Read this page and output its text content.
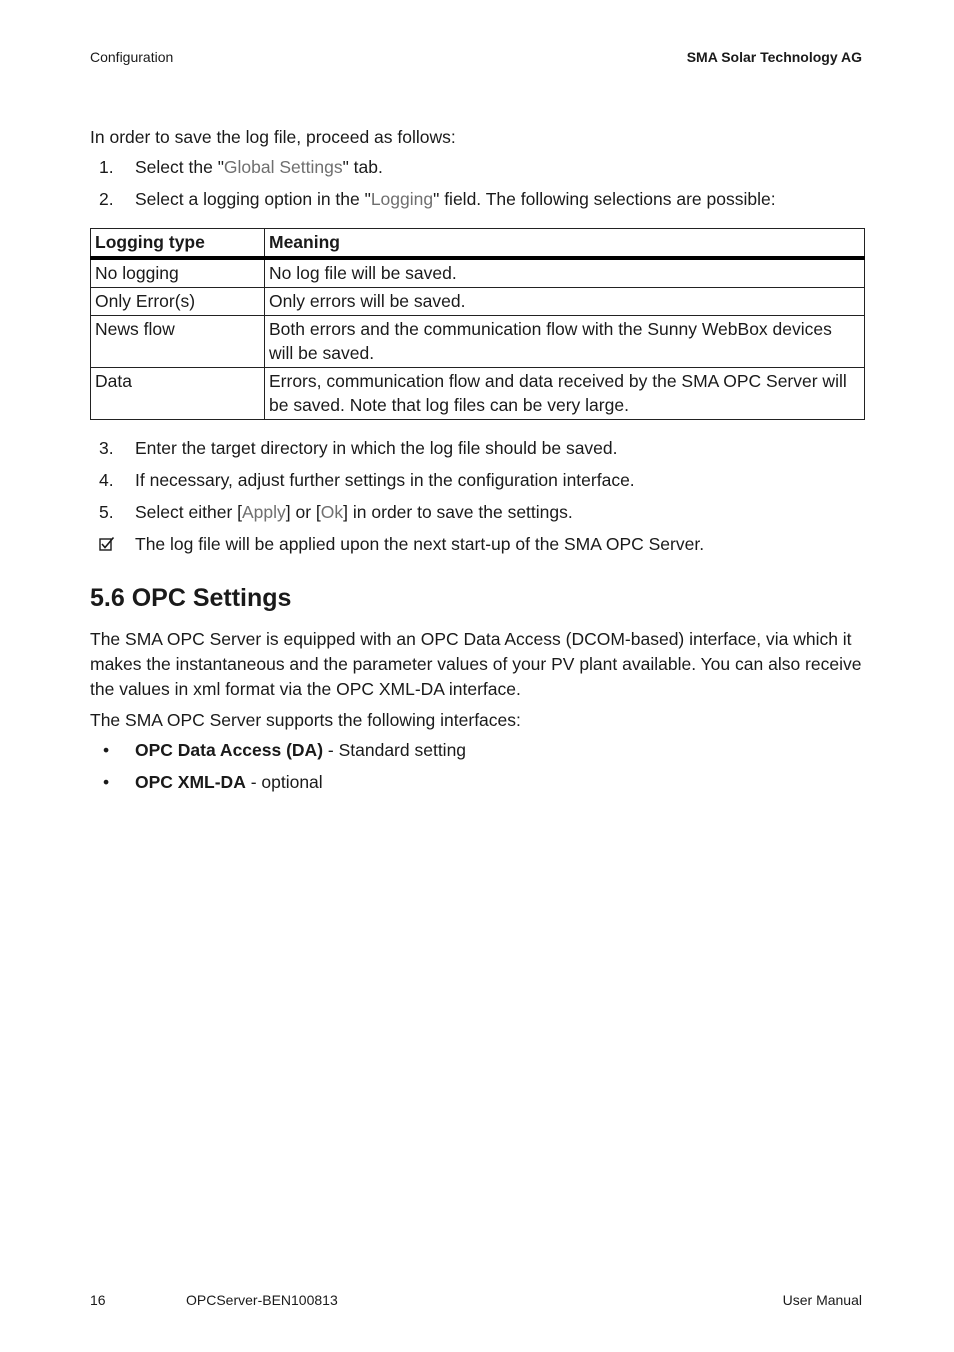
Configuration	SMA Solar Technology AG
In order to save the log file, proceed as follows:
1. Select the "Global Settings" tab.
2. Select a logging option in the "Logging" field. The following selections are possible:
Logging type	Meaning
No logging	No log file will be saved.
Only Error(s)	Only errors will be saved.
News flow	Both errors and the communication flow with the Sunny WebBox devices will be saved.
Data	Errors, communication flow and data received by the SMA OPC Server will be saved. Note that log files can be very large.
3. Enter the target directory in which the log file should be saved.
4. If necessary, adjust further settings in the configuration interface.
5. Select either [Apply] or [Ok] in order to save the settings.
The log file will be applied upon the next start-up of the SMA OPC Server.
5.6 OPC Settings
The SMA OPC Server is equipped with an OPC Data Access (DCOM-based) interface, via which it makes the instantaneous and the parameter values of your PV plant available. You can also receive the values in xml format via the OPC XML-DA interface.
The SMA OPC Server supports the following interfaces:
• OPC Data Access (DA) - Standard setting
• OPC XML-DA - optional
16	OPCServer-BEN100813	User Manual
